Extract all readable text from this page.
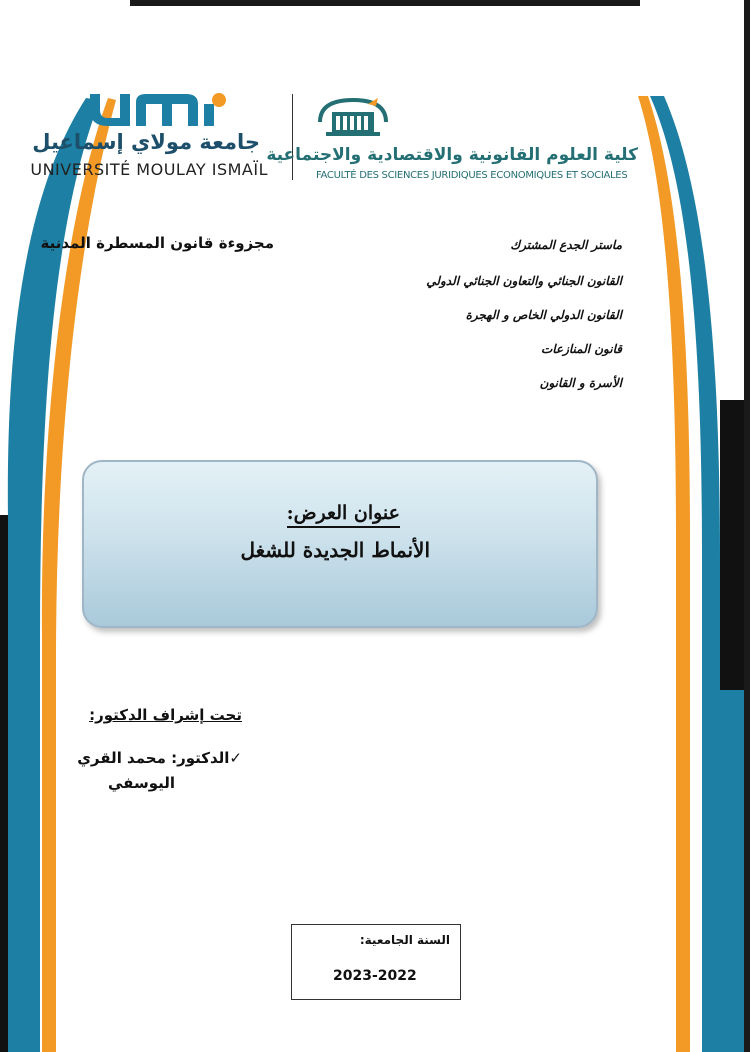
جامعة مولاي إسماعيل
UNIVERSITÉ MOULAY ISMAÏL
كلية العلوم القانونية والاقتصادية والاجتماعية
FACULTÉ DES SCIENCES JURIDIQUES ECONOMIQUES ET SOCIALES
مجزوءة قانون المسطرة المدنية	ماستر الجدع المشترك
القانون الجنائي والتعاون الجنائي الدولي
القانون الدولي الخاص و الهجرة
قانون المنازعات
الأسرة و القانون
عنوان العرض:
الأنماط الجديدة للشغل
تحت إشراف الدكتور:
✓الدكتور: محمد القري
اليوسفي
السنة الجامعية:
2023-2022
